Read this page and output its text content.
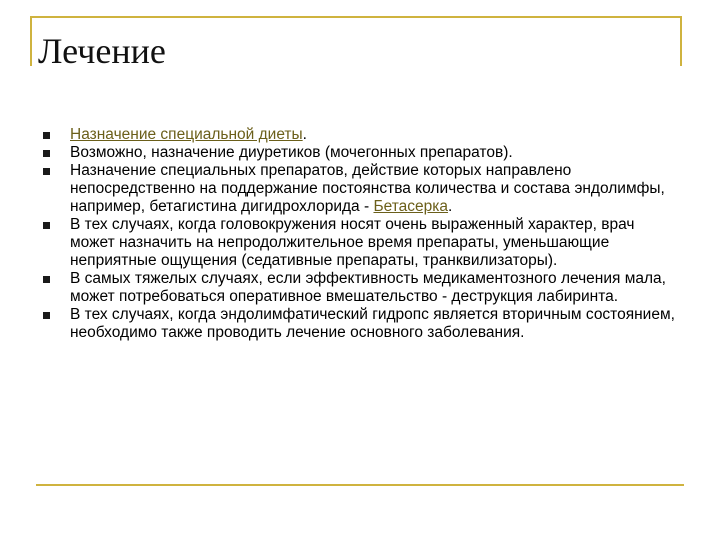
Лечение
Назначение специальной диеты.
Возможно, назначение диуретиков (мочегонных препаратов).
Назначение специальных препаратов, действие которых направлено непосредственно на поддержание постоянства количества и состава эндолимфы, например, бетагистина дигидрохлорида - Бетасерка.
В тех случаях, когда головокружения носят очень выраженный характер, врач может назначить на непродолжительное время препараты, уменьшающие неприятные ощущения (седативные препараты, транквилизаторы).
В самых тяжелых случаях, если эффективность медикаментозного лечения мала, может потребоваться оперативное вмешательство - деструкция лабиринта.
В тех случаях, когда эндолимфатический гидропс является вторичным состоянием, необходимо также проводить лечение основного заболевания.
